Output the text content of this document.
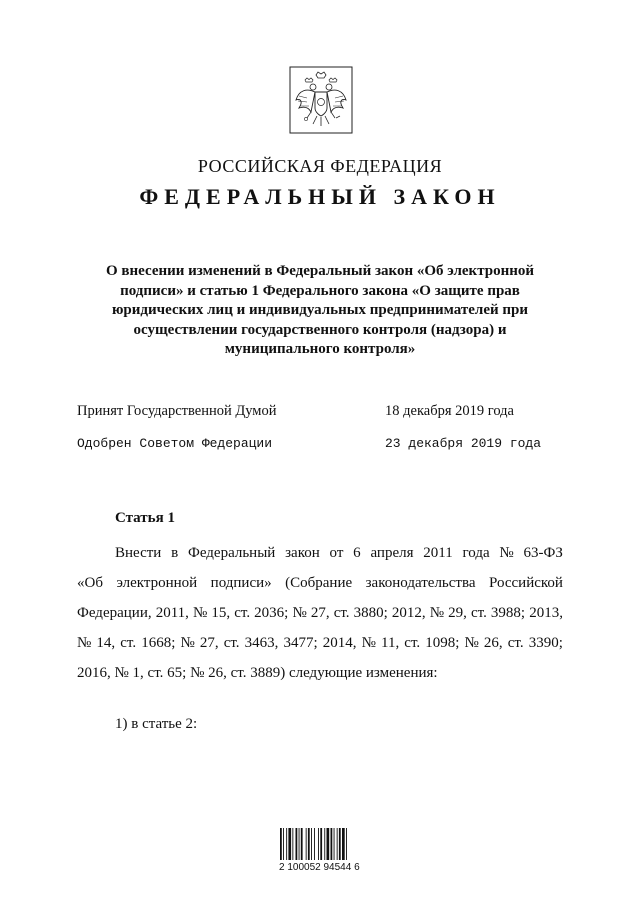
РОССИЙСКАЯ ФЕДЕРАЦИЯ
ФЕДЕРАЛЬНЫЙ ЗАКОН
О внесении изменений в Федеральный закон «Об электронной
подписи» и статью 1 Федерального закона «О защите прав
юридических лиц и индивидуальных предпринимателей при
осуществлении государственного контроля (надзора) и
муниципального контроля»
Принят Государственной Думой	18 декабря 2019 года
Одобрен Советом Федерации	23 декабря 2019 года
Статья 1
Внести в Федеральный закон от 6 апреля 2011 года № 63-ФЗ
«Об электронной подписи» (Собрание законодательства Российской
Федерации, 2011, № 15, ст. 2036; № 27, ст. 3880; 2012, № 29, ст. 3988; 2013,
№ 14, ст. 1668; № 27, ст. 3463, 3477; 2014, № 11, ст. 1098; № 26, ст. 3390;
2016, № 1, ст. 65; № 26, ст. 3889) следующие изменения:
1) в статье 2:
2 100052 94544 6
